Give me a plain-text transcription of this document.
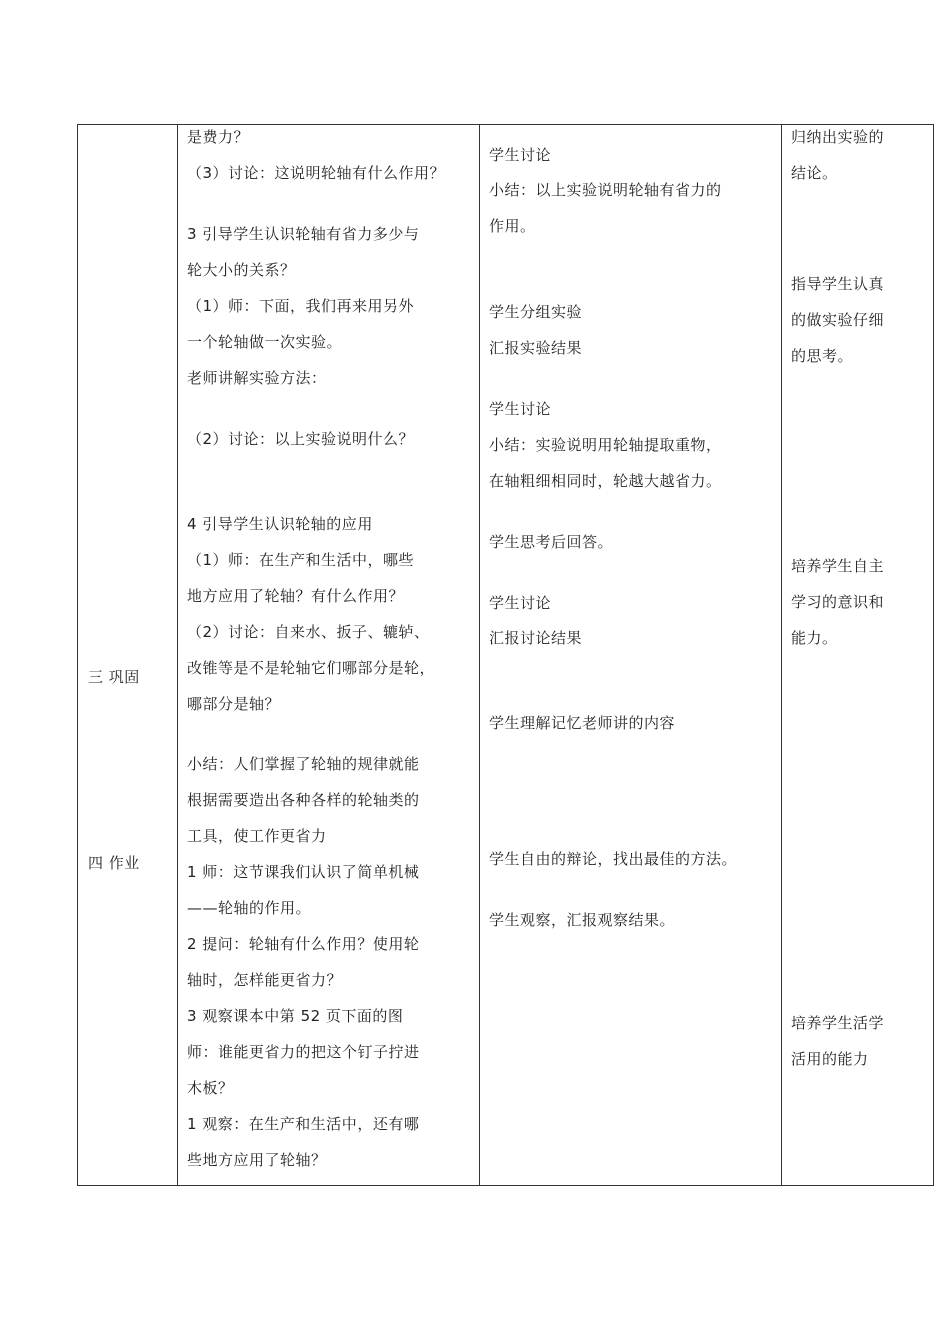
三 巩固
四 作业
是费力？
（3）讨论：这说明轮轴有什么作用？
3 引导学生认识轮轴有省力多少与
轮大小的关系？
（1）师：下面，我们再来用另外
一个轮轴做一次实验。
老师讲解实验方法：
（2）讨论：以上实验说明什么？
4 引导学生认识轮轴的应用
（1）师：在生产和生活中，哪些
地方应用了轮轴？有什么作用？
（2）讨论：自来水、扳子、辘轳、
改锥等是不是轮轴它们哪部分是轮，
哪部分是轴？
小结：人们掌握了轮轴的规律就能
根据需要造出各种各样的轮轴类的
工具，使工作更省力
1 师：这节课我们认识了简单机械
——轮轴的作用。
2 提问：轮轴有什么作用？使用轮
轴时，怎样能更省力？
3 观察课本中第 52 页下面的图
师：谁能更省力的把这个钉子拧进
木板？
1 观察：在生产和生活中，还有哪
些地方应用了轮轴？
学生讨论
小结：以上实验说明轮轴有省力的
作用。
学生分组实验
汇报实验结果
学生讨论
小结：实验说明用轮轴提取重物，
在轴粗细相同时，轮越大越省力。
学生思考后回答。
学生讨论
汇报讨论结果
学生理解记忆老师讲的内容
学生自由的辩论，找出最佳的方法。
学生观察，汇报观察结果。
归纳出实验的
结论。
指导学生认真
的做实验仔细
的思考。
培养学生自主
学习的意识和
能力。
培养学生活学
活用的能力
